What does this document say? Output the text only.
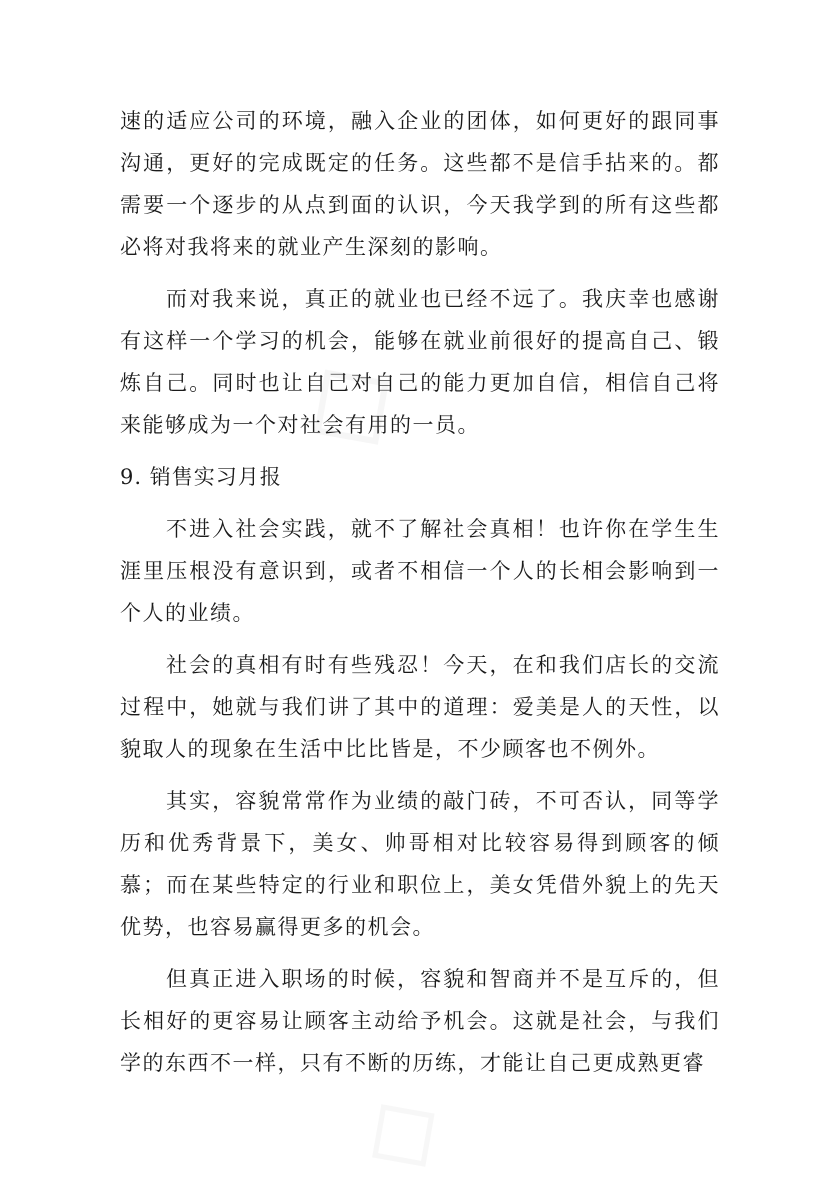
速的适应公司的环境，融入企业的团体，如何更好的跟同事沟通，更好的完成既定的任务。这些都不是信手拈来的。都需要一个逐步的从点到面的认识，今天我学到的所有这些都必将对我将来的就业产生深刻的影响。

而对我来说，真正的就业也已经不远了。我庆幸也感谢有这样一个学习的机会，能够在就业前很好的提高自己、锻炼自己。同时也让自己对自己的能力更加自信，相信自己将来能够成为一个对社会有用的一员。

9. 销售实习月报

不进入社会实践，就不了解社会真相！也许你在学生生涯里压根没有意识到，或者不相信一个人的长相会影响到一个人的业绩。

社会的真相有时有些残忍！今天，在和我们店长的交流过程中，她就与我们讲了其中的道理：爱美是人的天性，以貌取人的现象在生活中比比皆是，不少顾客也不例外。

其实，容貌常常作为业绩的敲门砖，不可否认，同等学历和优秀背景下，美女、帅哥相对比较容易得到顾客的倾慕；而在某些特定的行业和职位上，美女凭借外貌上的先天优势，也容易赢得更多的机会。

但真正进入职场的时候，容貌和智商并不是互斥的，但长相好的更容易让顾客主动给予机会。这就是社会，与我们学的东西不一样，只有不断的历练，才能让自己更成熟更睿
